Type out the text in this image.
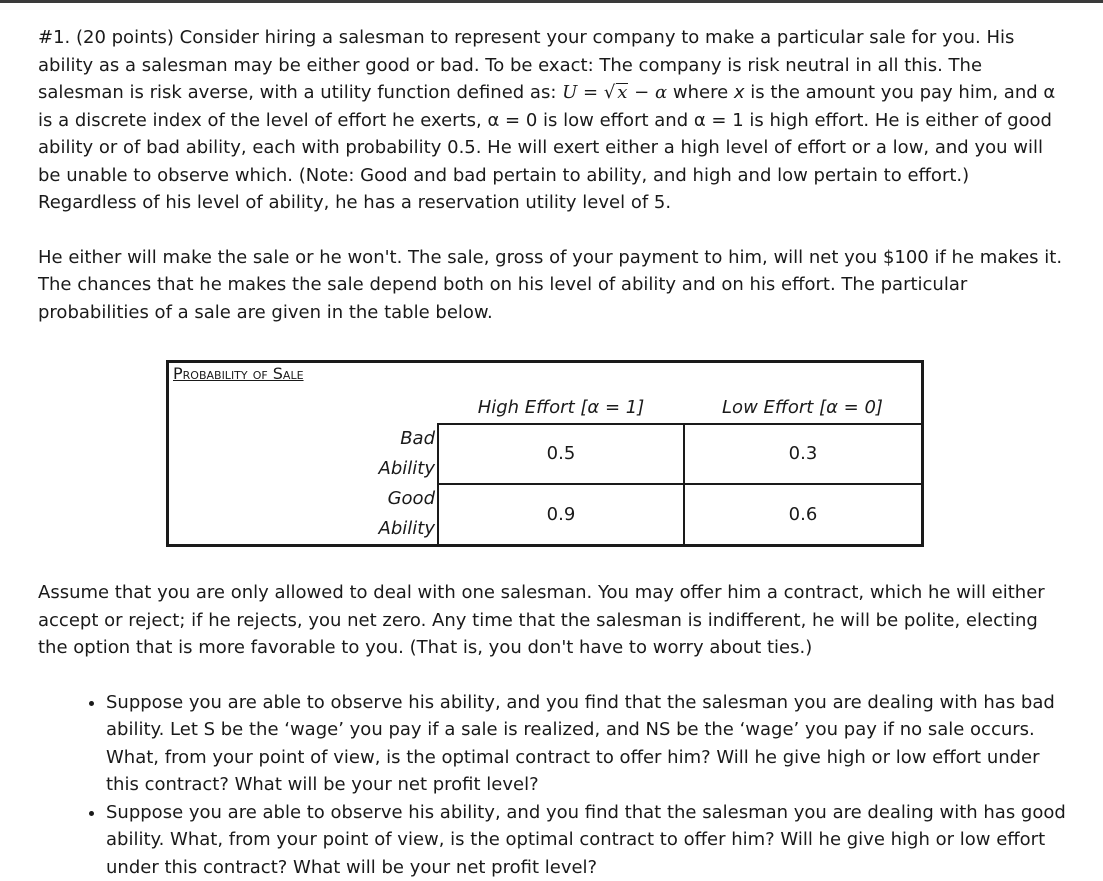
#1. (20 points) Consider hiring a salesman to represent your company to make a particular sale for you. His ability as a salesman may be either good or bad. To be exact: The company is risk neutral in all this. The salesman is risk averse, with a utility function defined as: U = √ x − α where x is the amount you pay him, and α is a discrete index of the level of effort he exerts, α = 0 is low effort and α = 1 is high effort. He is either of good ability or of bad ability, each with probability 0.5. He will exert either a high level of effort or a low, and you will be unable to observe which. (Note: Good and bad pertain to ability, and high and low pertain to effort.) Regardless of his level of ability, he has a reservation utility level of 5.

He either will make the sale or he won't. The sale, gross of your payment to him, will net you $100 if he makes it. The chances that he makes the sale depend both on his level of ability and on his effort. The particular probabilities of a sale are given in the table below.

Probability of Sale			
		High Effort [α = 1]	Low Effort [α = 0]
	Bad Ability	0.5	0.3
	Good Ability	0.9	0.6

Assume that you are only allowed to deal with one salesman. You may offer him a contract, which he will either accept or reject; if he rejects, you net zero. Any time that the salesman is indifferent, he will be polite, electing the option that is more favorable to you. (That is, you don't have to worry about ties.)

• Suppose you are able to observe his ability, and you find that the salesman you are dealing with has bad ability. Let S be the ‘wage’ you pay if a sale is realized, and NS be the ‘wage’ you pay if no sale occurs. What, from your point of view, is the optimal contract to offer him? Will he give high or low effort under this contract? What will be your net profit level?
• Suppose you are able to observe his ability, and you find that the salesman you are dealing with has good ability. What, from your point of view, is the optimal contract to offer him? Will he give high or low effort under this contract? What will be your net profit level?
